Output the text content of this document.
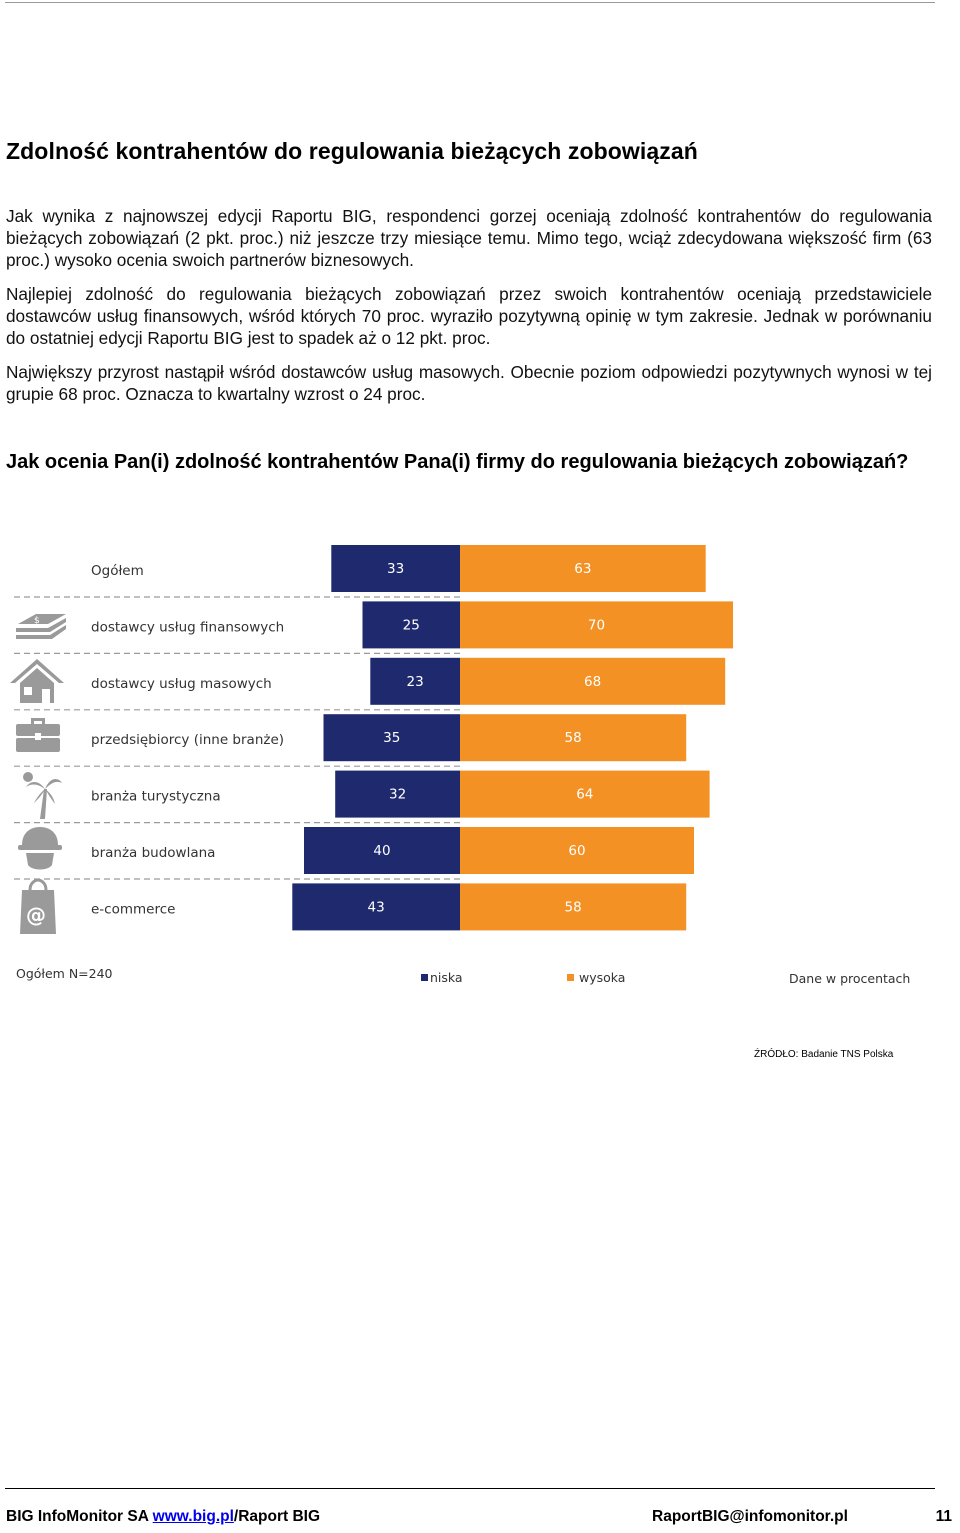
Zdolność kontrahentów do regulowania bieżących zobowiązań

Jak wynika z najnowszej edycji Raportu BIG, respondenci gorzej oceniają zdolność kontrahentów do regulowania bieżących zobowiązań (2 pkt. proc.) niż jeszcze trzy miesiące temu. Mimo tego, wciąż zdecydowana większość firm (63 proc.) wysoko ocenia swoich partnerów biznesowych.

Najlepiej zdolność do regulowania bieżących zobowiązań przez swoich kontrahentów oceniają przedstawiciele dostawców usług finansowych, wśród których 70 proc. wyraziło pozytywną opinię w tym zakresie. Jednak w porównaniu do ostatniej edycji Raportu BIG jest to spadek aż o 12 pkt. proc.

Największy przyrost nastąpił wśród dostawców usług masowych. Obecnie poziom odpowiedzi pozytywnych wynosi w tej grupie 68 proc. Oznacza to kwartalny wzrost o 24 proc.

Jak ocenia Pan(i) zdolność kontrahentów Pana(i) firmy do regulowania bieżących zobowiązań?
33	63
Ogółem
25	70
dostawcy usług finansowych
23	68
dostawcy usług masowych
35	58
przedsiębiorcy (inne branże)
32	64
branża turystyczna
40	60
branża budowlana
43	58
e-commerce
$
@
Ogółem N=240	niska	wysoka	Dane w procentach
ŹRÓDŁO: Badanie TNS Polska
BIG InfoMonitor SA www.big.pl/Raport BIG	RaportBIG@infomonitor.pl	11
